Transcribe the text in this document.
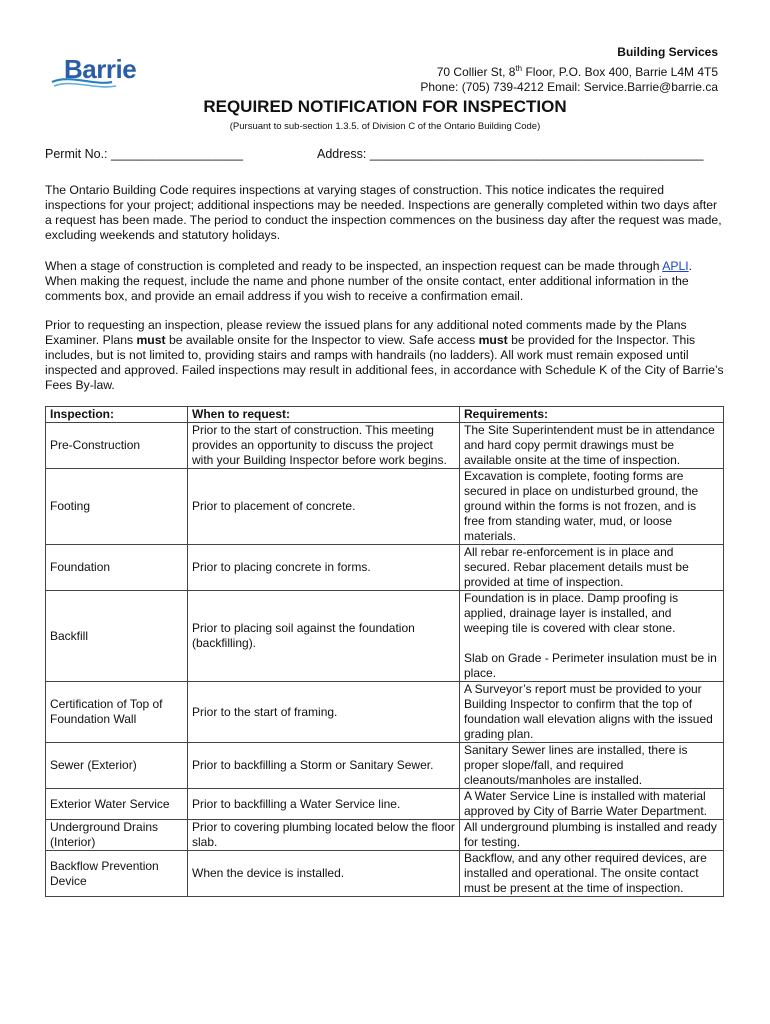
Barrie
Building Services
70 Collier St, 8th Floor, P.O. Box 400, Barrie L4M 4T5
Phone: (705) 739-4212 Email: Service.Barrie@barrie.ca
REQUIRED NOTIFICATION FOR INSPECTION
(Pursuant to sub-section 1.3.5. of Division C of the Ontario Building Code)
Permit No.: ___________________	Address: ________________________________________________
The Ontario Building Code requires inspections at varying stages of construction. This notice indicates the required inspections for your project; additional inspections may be needed. Inspections are generally completed within two days after a request has been made. The period to conduct the inspection commences on the business day after the request was made, excluding weekends and statutory holidays.
When a stage of construction is completed and ready to be inspected, an inspection request can be made through APLI. When making the request, include the name and phone number of the onsite contact, enter additional information in the comments box, and provide an email address if you wish to receive a confirmation email.
Prior to requesting an inspection, please review the issued plans for any additional noted comments made by the Plans Examiner. Plans must be available onsite for the Inspector to view. Safe access must be provided for the Inspector. This includes, but is not limited to, providing stairs and ramps with handrails (no ladders). All work must remain exposed until inspected and approved. Failed inspections may result in additional fees, in accordance with Schedule K of the City of Barrie’s Fees By-law.
Inspection:	When to request:	Requirements:
Pre-Construction	Prior to the start of construction. This meeting provides an opportunity to discuss the project with your Building Inspector before work begins.	The Site Superintendent must be in attendance and hard copy permit drawings must be available onsite at the time of inspection.
Footing	Prior to placement of concrete.	Excavation is complete, footing forms are secured in place on undisturbed ground, the ground within the forms is not frozen, and is free from standing water, mud, or loose materials.
Foundation	Prior to placing concrete in forms.	All rebar re-enforcement is in place and secured. Rebar placement details must be provided at time of inspection.
Backfill	Prior to placing soil against the foundation (backfilling).	Foundation is in place. Damp proofing is applied, drainage layer is installed, and weeping tile is covered with clear stone.
Slab on Grade - Perimeter insulation must be in place.
Certification of Top of Foundation Wall	Prior to the start of framing.	A Surveyor’s report must be provided to your Building Inspector to confirm that the top of foundation wall elevation aligns with the issued grading plan.
Sewer (Exterior)	Prior to backfilling a Storm or Sanitary Sewer.	Sanitary Sewer lines are installed, there is proper slope/fall, and required cleanouts/manholes are installed.
Exterior Water Service	Prior to backfilling a Water Service line.	A Water Service Line is installed with material approved by City of Barrie Water Department.
Underground Drains (Interior)	Prior to covering plumbing located below the floor slab.	All underground plumbing is installed and ready for testing.
Backflow Prevention Device	When the device is installed.	Backflow, and any other required devices, are installed and operational. The onsite contact must be present at the time of inspection.
